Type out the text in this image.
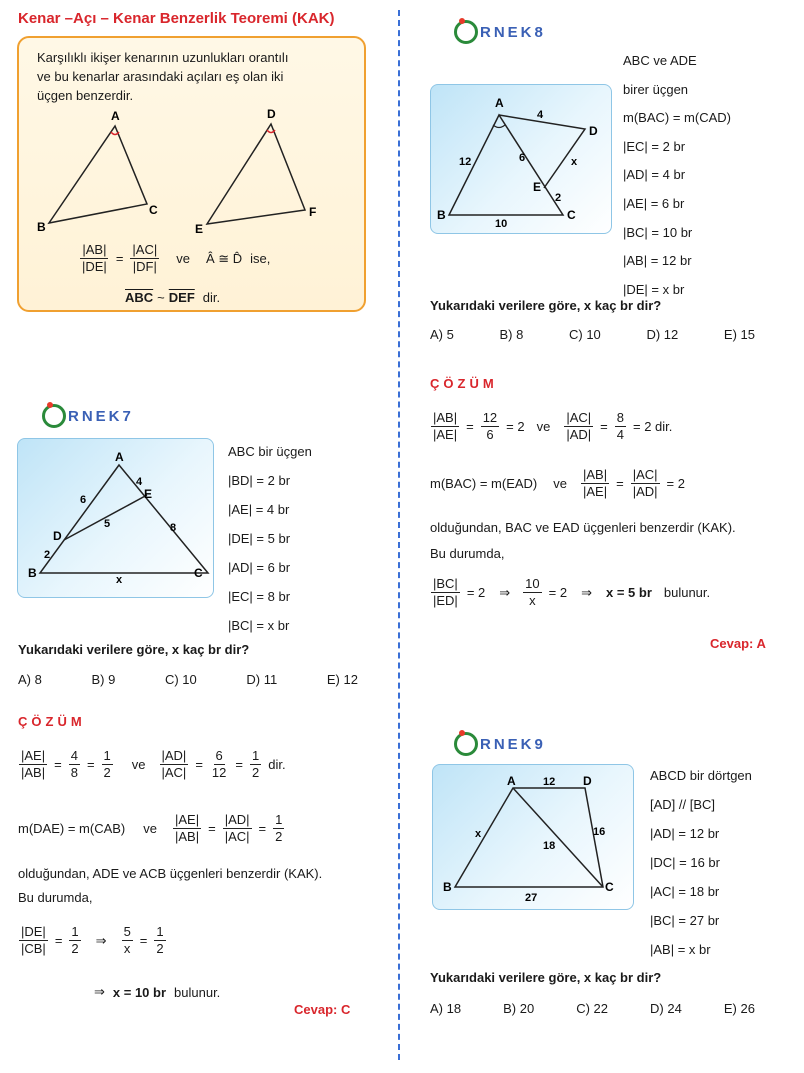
Kenar –Açı – Kenar Benzerlik Teoremi (KAK)
Karşılıklı ikişer kenarının uzunlukları orantılı
ve bu kenarlar arasındaki açıları eş olan iki
üçgen benzerdir.
A
B
C
D
E
F
$\frac{|AB|}{|DE|} = \frac{|AC|}{|DF|}$ ve Â ≅ D̂ ise,
$\overline{ABC}$ ~ $\overline{DEF}$ dir.
RNEK7
A
B	C
D
E
4
6
5	8
2
x
ABC bir üçgen
|BD| = 2 br
|AE| = 4 br
|DE| = 5 br
|AD| = 6 br
|EC| = 8 br
|BC| = x br
Yukarıdaki verilere göre, x kaç br dir?
A) 8	B) 9	C) 10	D) 11	E) 12
ÇÖZÜM
$\frac{|AE|}{|AB|} = \frac{4}{8} = \frac{1}{2}$ ve $\frac{|AD|}{|AC|} = \frac{6}{12} = \frac{1}{2}$ dir.
m(DAE) = m(CAB) ve $\frac{|AE|}{|AB|} = \frac{|AD|}{|AC|} = \frac{1}{2}$
olduğundan, ADE ve ACB üçgenleri benzerdir (KAK).
Bu durumda,
$\frac{|DE|}{|CB|} = \frac{1}{2}$ ⇒ $\frac{5}{x} = \frac{1}{2}$
⇒ x = 10 br bulunur.
Cevap: C
RNEK8
A
B	C
D
E
4
12	6	x
2
10
ABC ve ADE
birer üçgen
m(BAC) = m(CAD)
|EC| = 2 br
|AD| = 4 br
|AE| = 6 br
|BC| = 10 br
|AB| = 12 br
|DE| = x br
Yukarıdaki verilere göre, x kaç br dir?
A) 5	B) 8	C) 10	D) 12	E) 15
ÇÖZÜM
$\frac{|AB|}{|AE|} = \frac{12}{6} = 2$ ve $\frac{|AC|}{|AD|} = \frac{8}{4} = 2$ dir.
m(BAC) = m(EAD) ve $\frac{|AB|}{|AE|} = \frac{|AC|}{|AD|} = 2$
olduğundan, BAC ve EAD üçgenleri benzerdir (KAK).
Bu durumda,
$\frac{|BC|}{|ED|} = 2$ ⇒ $\frac{10}{x} = 2$ ⇒ x = 5 br bulunur.
Cevap: A
RNEK9
A	D
B	C
12
x
18
16
27
ABCD bir dörtgen
[AD] // [BC]
|AD| = 12 br
|DC| = 16 br
|AC| = 18 br
|BC| = 27 br
|AB| = x br
Yukarıdaki verilere göre, x kaç br dir?
A) 18	B) 20	C) 22	D) 24	E) 26
